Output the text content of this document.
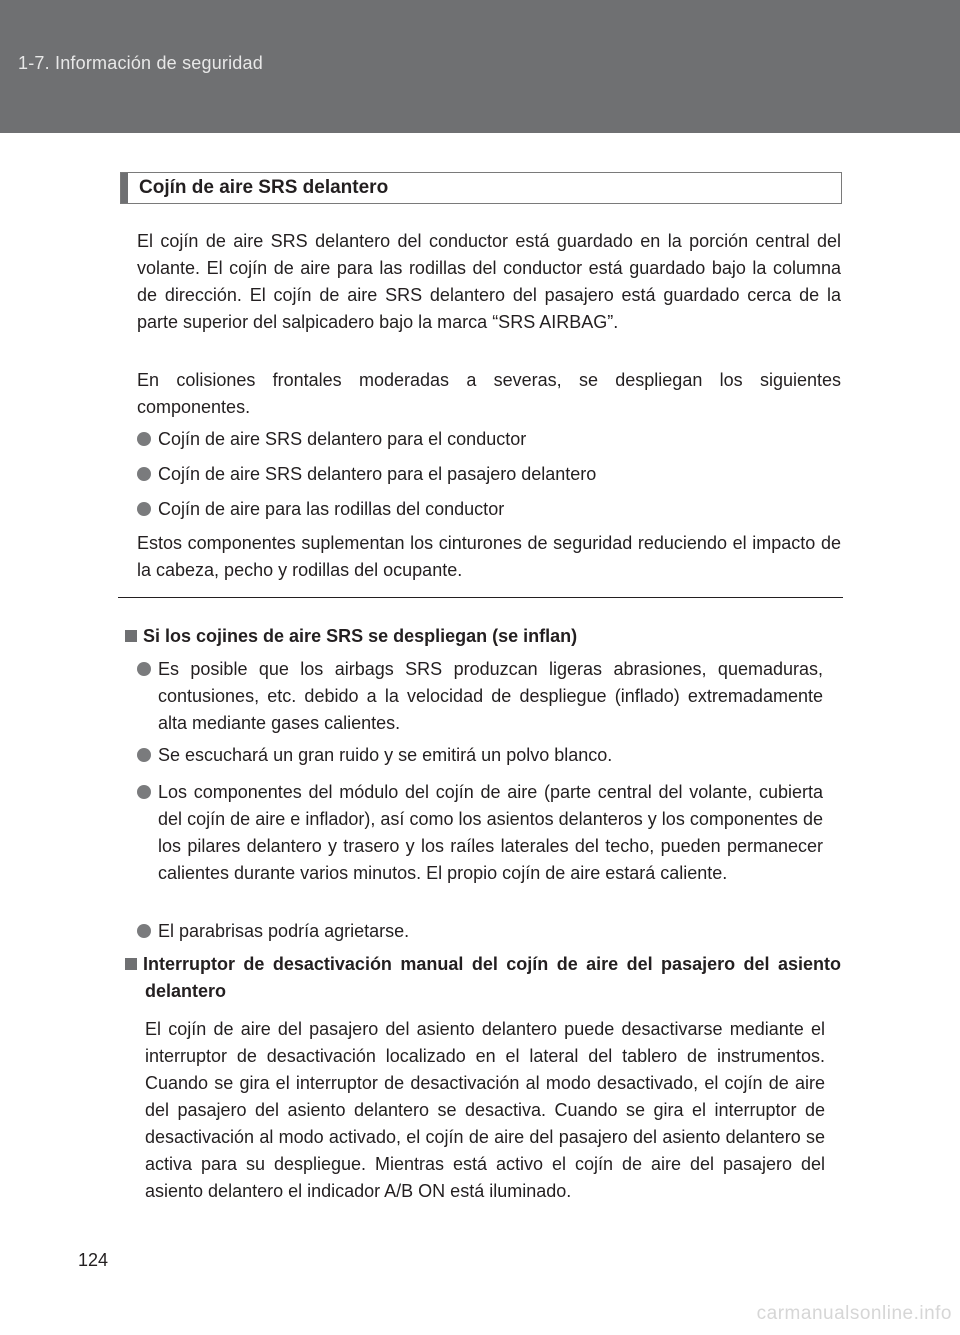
1-7. Información de seguridad
Cojín de aire SRS delantero
El cojín de aire SRS delantero del conductor está guardado en la porción central del volante. El cojín de aire para las rodillas del conductor está guardado bajo la columna de dirección. El cojín de aire SRS delantero del pasajero está guardado cerca de la parte superior del salpicadero bajo la marca “SRS AIRBAG”.
En colisiones frontales moderadas a severas, se despliegan los siguientes componentes.
Cojín de aire SRS delantero para el conductor
Cojín de aire SRS delantero para el pasajero delantero
Cojín de aire para las rodillas del conductor
Estos componentes suplementan los cinturones de seguridad reduciendo el impacto de la cabeza, pecho y rodillas del ocupante.
Si los cojines de aire SRS se despliegan (se inflan)
Es posible que los airbags SRS produzcan ligeras abrasiones, quemaduras, contusiones, etc. debido a la velocidad de despliegue (inflado) extremadamente alta mediante gases calientes.
Se escuchará un gran ruido y se emitirá un polvo blanco.
Los componentes del módulo del cojín de aire (parte central del volante, cubierta del cojín de aire e inflador), así como los asientos delanteros y los componentes de los pilares delantero y trasero y los raíles laterales del techo, pueden permanecer calientes durante varios minutos. El propio cojín de aire estará caliente.
El parabrisas podría agrietarse.
Interruptor de desactivación manual del cojín de aire del pasajero del asiento delantero
El cojín de aire del pasajero del asiento delantero puede desactivarse mediante el interruptor de desactivación localizado en el lateral del tablero de instrumentos. Cuando se gira el interruptor de desactivación al modo desactivado, el cojín de aire del pasajero del asiento delantero se desactiva. Cuando se gira el interruptor de desactivación al modo activado, el cojín de aire del pasajero del asiento delantero se activa para su despliegue. Mientras está activo el cojín de aire del pasajero del asiento delantero el indicador A/B ON está iluminado.
124
carmanualsonline.info
